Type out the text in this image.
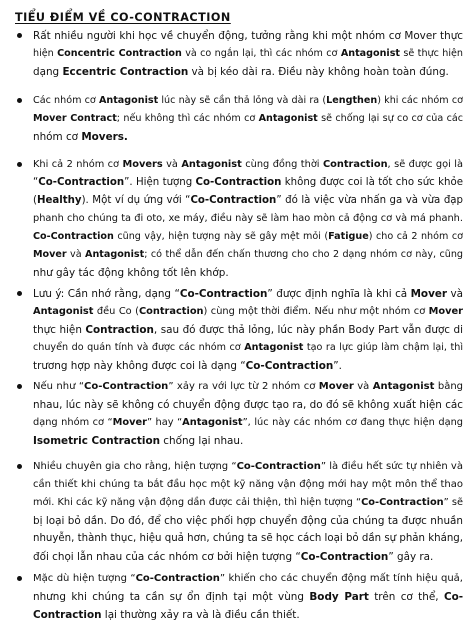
TIỂU ĐIỂM VỀ CO-CONTRACTION
Rất nhiều người khi học về chuyển động, tưởng rằng khi một nhóm cơ Mover thực
hiện Concentric Contraction và co ngắn lại, thì các nhóm cơ Antagonist sẽ thực hiện
dạng Eccentric Contraction và bị kéo dài ra. Điều này không hoàn toàn đúng.
Các nhóm cơ Antagonist lúc này sẽ cần thả lỏng và dài ra (Lengthen) khi các nhóm cơ
Mover Contract; nếu không thì các nhóm cơ Antagonist sẽ chống lại sự co cơ của các
nhóm cơ Movers.
Khi cả 2 nhóm cơ Movers và Antagonist cùng đồng thời Contraction, sẽ được gọi là
“Co-Contraction”. Hiện tượng Co-Contraction không được coi là tốt cho sức khỏe
(Healthy). Một ví dụ ứng với “Co-Contraction” đó là việc vừa nhấn ga và vừa đạp
phanh cho chúng ta đi oto, xe máy, điều này sẽ làm hao mòn cả động cơ và má phanh.
Co-Contraction cũng vậy, hiện tượng này sẽ gây mệt mỏi (Fatigue) cho cả 2 nhóm cơ
Mover và Antagonist; có thể dẫn đến chấn thương cho cho 2 dạng nhóm cơ này, cũng
như gây tác động không tốt lên khớp.
Lưu ý: Cần nhớ rằng, dạng “Co-Contraction” được định nghĩa là khi cả Mover và
Antagonist đều Co (Contraction) cùng một thời điểm. Nếu như một nhóm cơ Mover
thực hiện Contraction, sau đó được thả lỏng, lúc này phần Body Part vẫn được di
chuyển do quán tính và được các nhóm cơ Antagonist tạo ra lực giúp làm chậm lại, thì
trương hợp này không được coi là dạng “Co-Contraction”.
Nếu như “Co-Contraction” xảy ra với lực từ 2 nhóm cơ Mover và Antagonist bằng
nhau, lúc này sẽ không có chuyển động được tạo ra, do đó sẽ không xuất hiện các
dạng nhóm cơ “Mover” hay “Antagonist”, lúc này các nhóm cơ đang thực hiện dạng
Isometric Contraction chống lại nhau.
Nhiều chuyên gia cho rằng, hiện tượng “Co-Contraction” là điều hết sức tự nhiên và
cần thiết khi chúng ta bắt đầu học một kỹ năng vận động mới hay một môn thể thao
mới. Khi các kỹ năng vận động dần được cải thiện, thì hiện tượng “Co-Contraction” sẽ
bị loại bỏ dần. Do đó, để cho việc phối hợp chuyển động của chúng ta được nhuần
nhuyễn, thành thục, hiệu quả hơn, chúng ta sẽ học cách loại bỏ dần sự phản kháng,
đối chọi lẫn nhau của các nhóm cơ bởi hiện tượng “Co-Contraction” gây ra.
Mặc dù hiện tượng “Co-Contraction” khiến cho các chuyển động mất tính hiệu quả,
nhưng khi chúng ta cần sự ổn định tại một vùng Body Part trên cơ thể, Co-
Contraction lại thường xảy ra và là điều cần thiết.
